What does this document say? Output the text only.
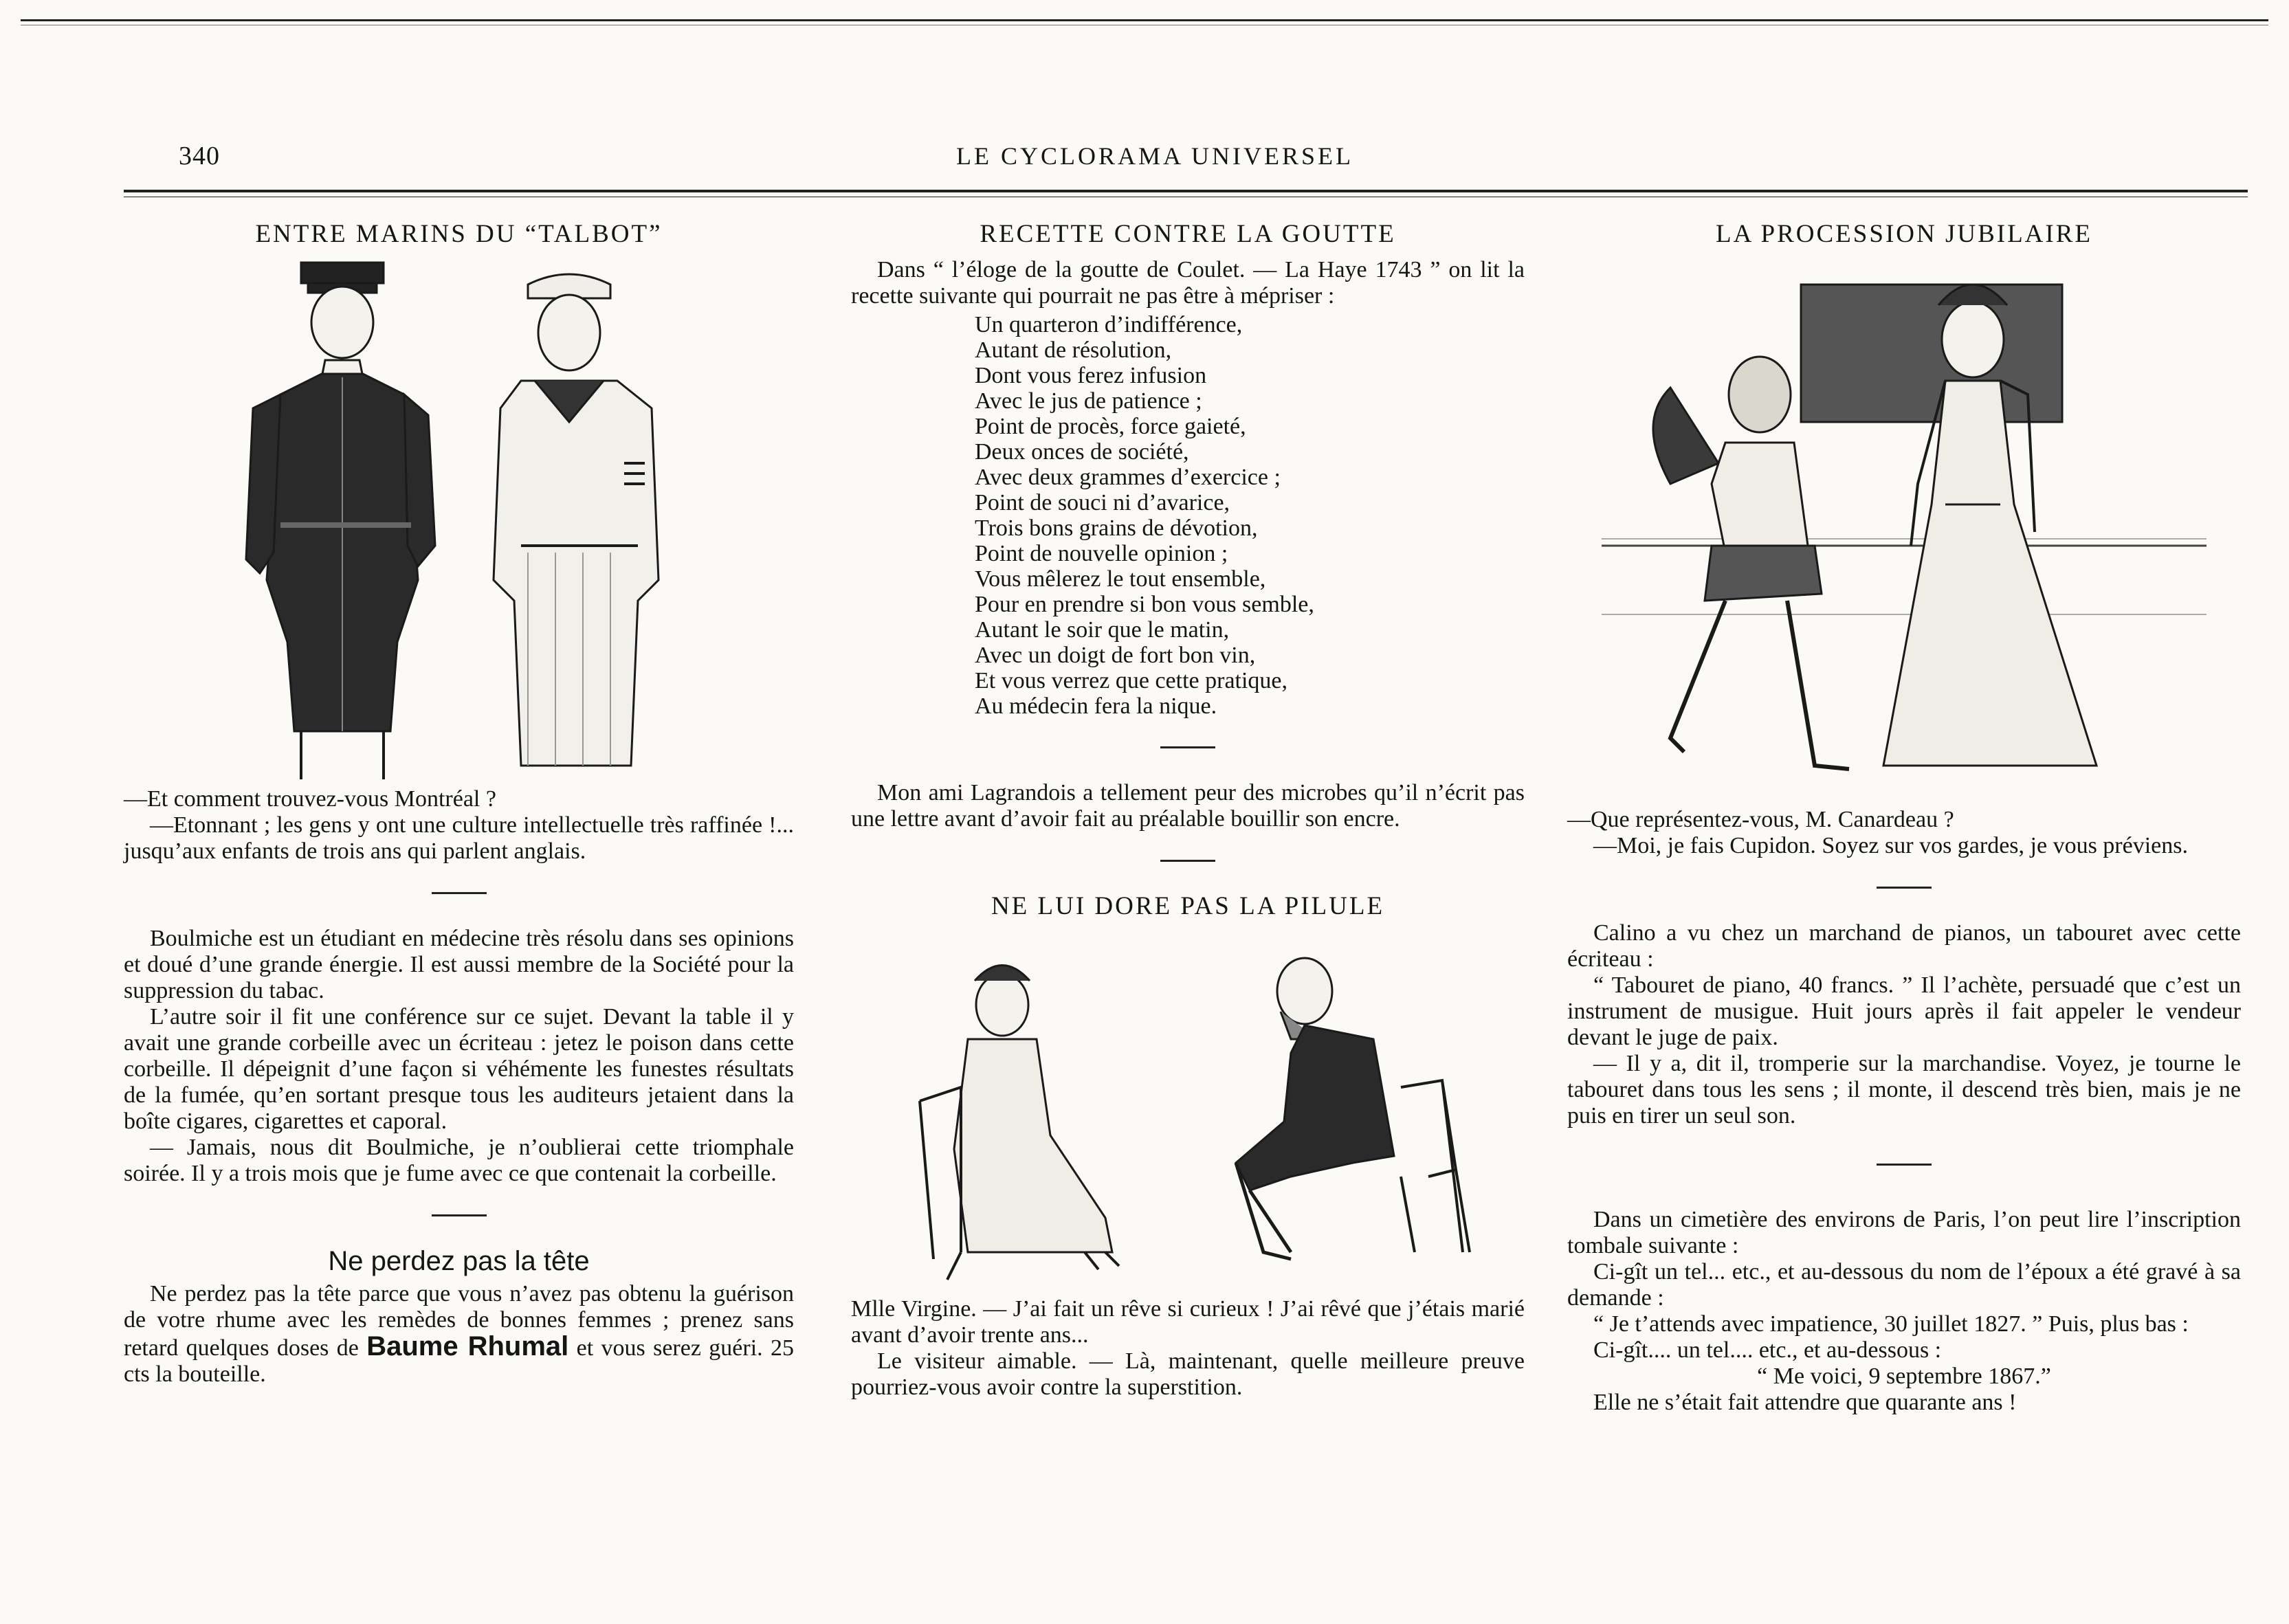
340	LE CYCLORAMA UNIVERSEL
ENTRE MARINS DU “TALBOT”

—Et comment trouvez-vous Montréal ?

—Etonnant ; les gens y ont une culture intellectuelle très raffinée !... jusqu’aux enfants de trois ans qui parlent anglais.

Boulmiche est un étudiant en médecine très résolu dans ses opinions et doué d’une grande énergie. Il est aussi membre de la Société pour la suppression du tabac.

L’autre soir il fit une conférence sur ce sujet. Devant la table il y avait une grande corbeille avec un écriteau : jetez le poison dans cette corbeille. Il dépeignit d’une façon si véhémente les funestes résultats de la fumée, qu’en sortant presque tous les auditeurs jetaient dans la boîte cigares, cigarettes et caporal.

— Jamais, nous dit Boulmiche, je n’oublierai cette triomphale soirée. Il y a trois mois que je fume avec ce que contenait la corbeille.

Ne perdez pas la tête

Ne perdez pas la tête parce que vous n’avez pas obtenu la guérison de votre rhume avec les remèdes de bonnes femmes ; prenez sans retard quelques doses de Baume Rhumal et vous serez guéri. 25 cts la bouteille.

RECETTE CONTRE LA GOUTTE

Dans “ l’éloge de la goutte de Coulet. — La Haye 1743 ” on lit la recette suivante qui pourrait ne pas être à mépriser :

Un quarteron d’indifférence,
Autant de résolution,
Dont vous ferez infusion
Avec le jus de patience ;
Point de procès, force gaieté,
Deux onces de société,
Avec deux grammes d’exercice ;
Point de souci ni d’avarice,
Trois bons grains de dévotion,
Point de nouvelle opinion ;
Vous mêlerez le tout ensemble,
Pour en prendre si bon vous semble,
Autant le soir que le matin,
Avec un doigt de fort bon vin,
Et vous verrez que cette pratique,
Au médecin fera la nique.

Mon ami Lagrandois a tellement peur des microbes qu’il n’écrit pas une lettre avant d’avoir fait au préalable bouillir son encre.

NE LUI DORE PAS LA PILULE

Mlle Virgine. — J’ai fait un rêve si curieux ! J’ai rêvé que j’étais marié avant d’avoir trente ans...

Le visiteur aimable. — Là, maintenant, quelle meilleure preuve pourriez-vous avoir contre la superstition.

LA PROCESSION JUBILAIRE

—Que représentez-vous, M. Canardeau ?

—Moi, je fais Cupidon. Soyez sur vos gardes, je vous préviens.

Calino a vu chez un marchand de pianos, un tabouret avec cette écriteau :

“ Tabouret de piano, 40 francs. ” Il l’achète, persuadé que c’est un instrument de musigue. Huit jours après il fait appeler le vendeur devant le juge de paix.

— Il y a, dit il, tromperie sur la marchandise. Voyez, je tourne le tabouret dans tous les sens ; il monte, il descend très bien, mais je ne puis en tirer un seul son.

Dans un cimetière des environs de Paris, l’on peut lire l’inscription tombale suivante :

Ci-gît un tel... etc., et au-dessous du nom de l’époux a été gravé à sa demande :

“ Je t’attends avec impatience, 30 juillet 1827. ” Puis, plus bas :

Ci-gît.... un tel.... etc., et au-dessous :

“ Me voici, 9 septembre 1867.”

Elle ne s’était fait attendre que quarante ans !
